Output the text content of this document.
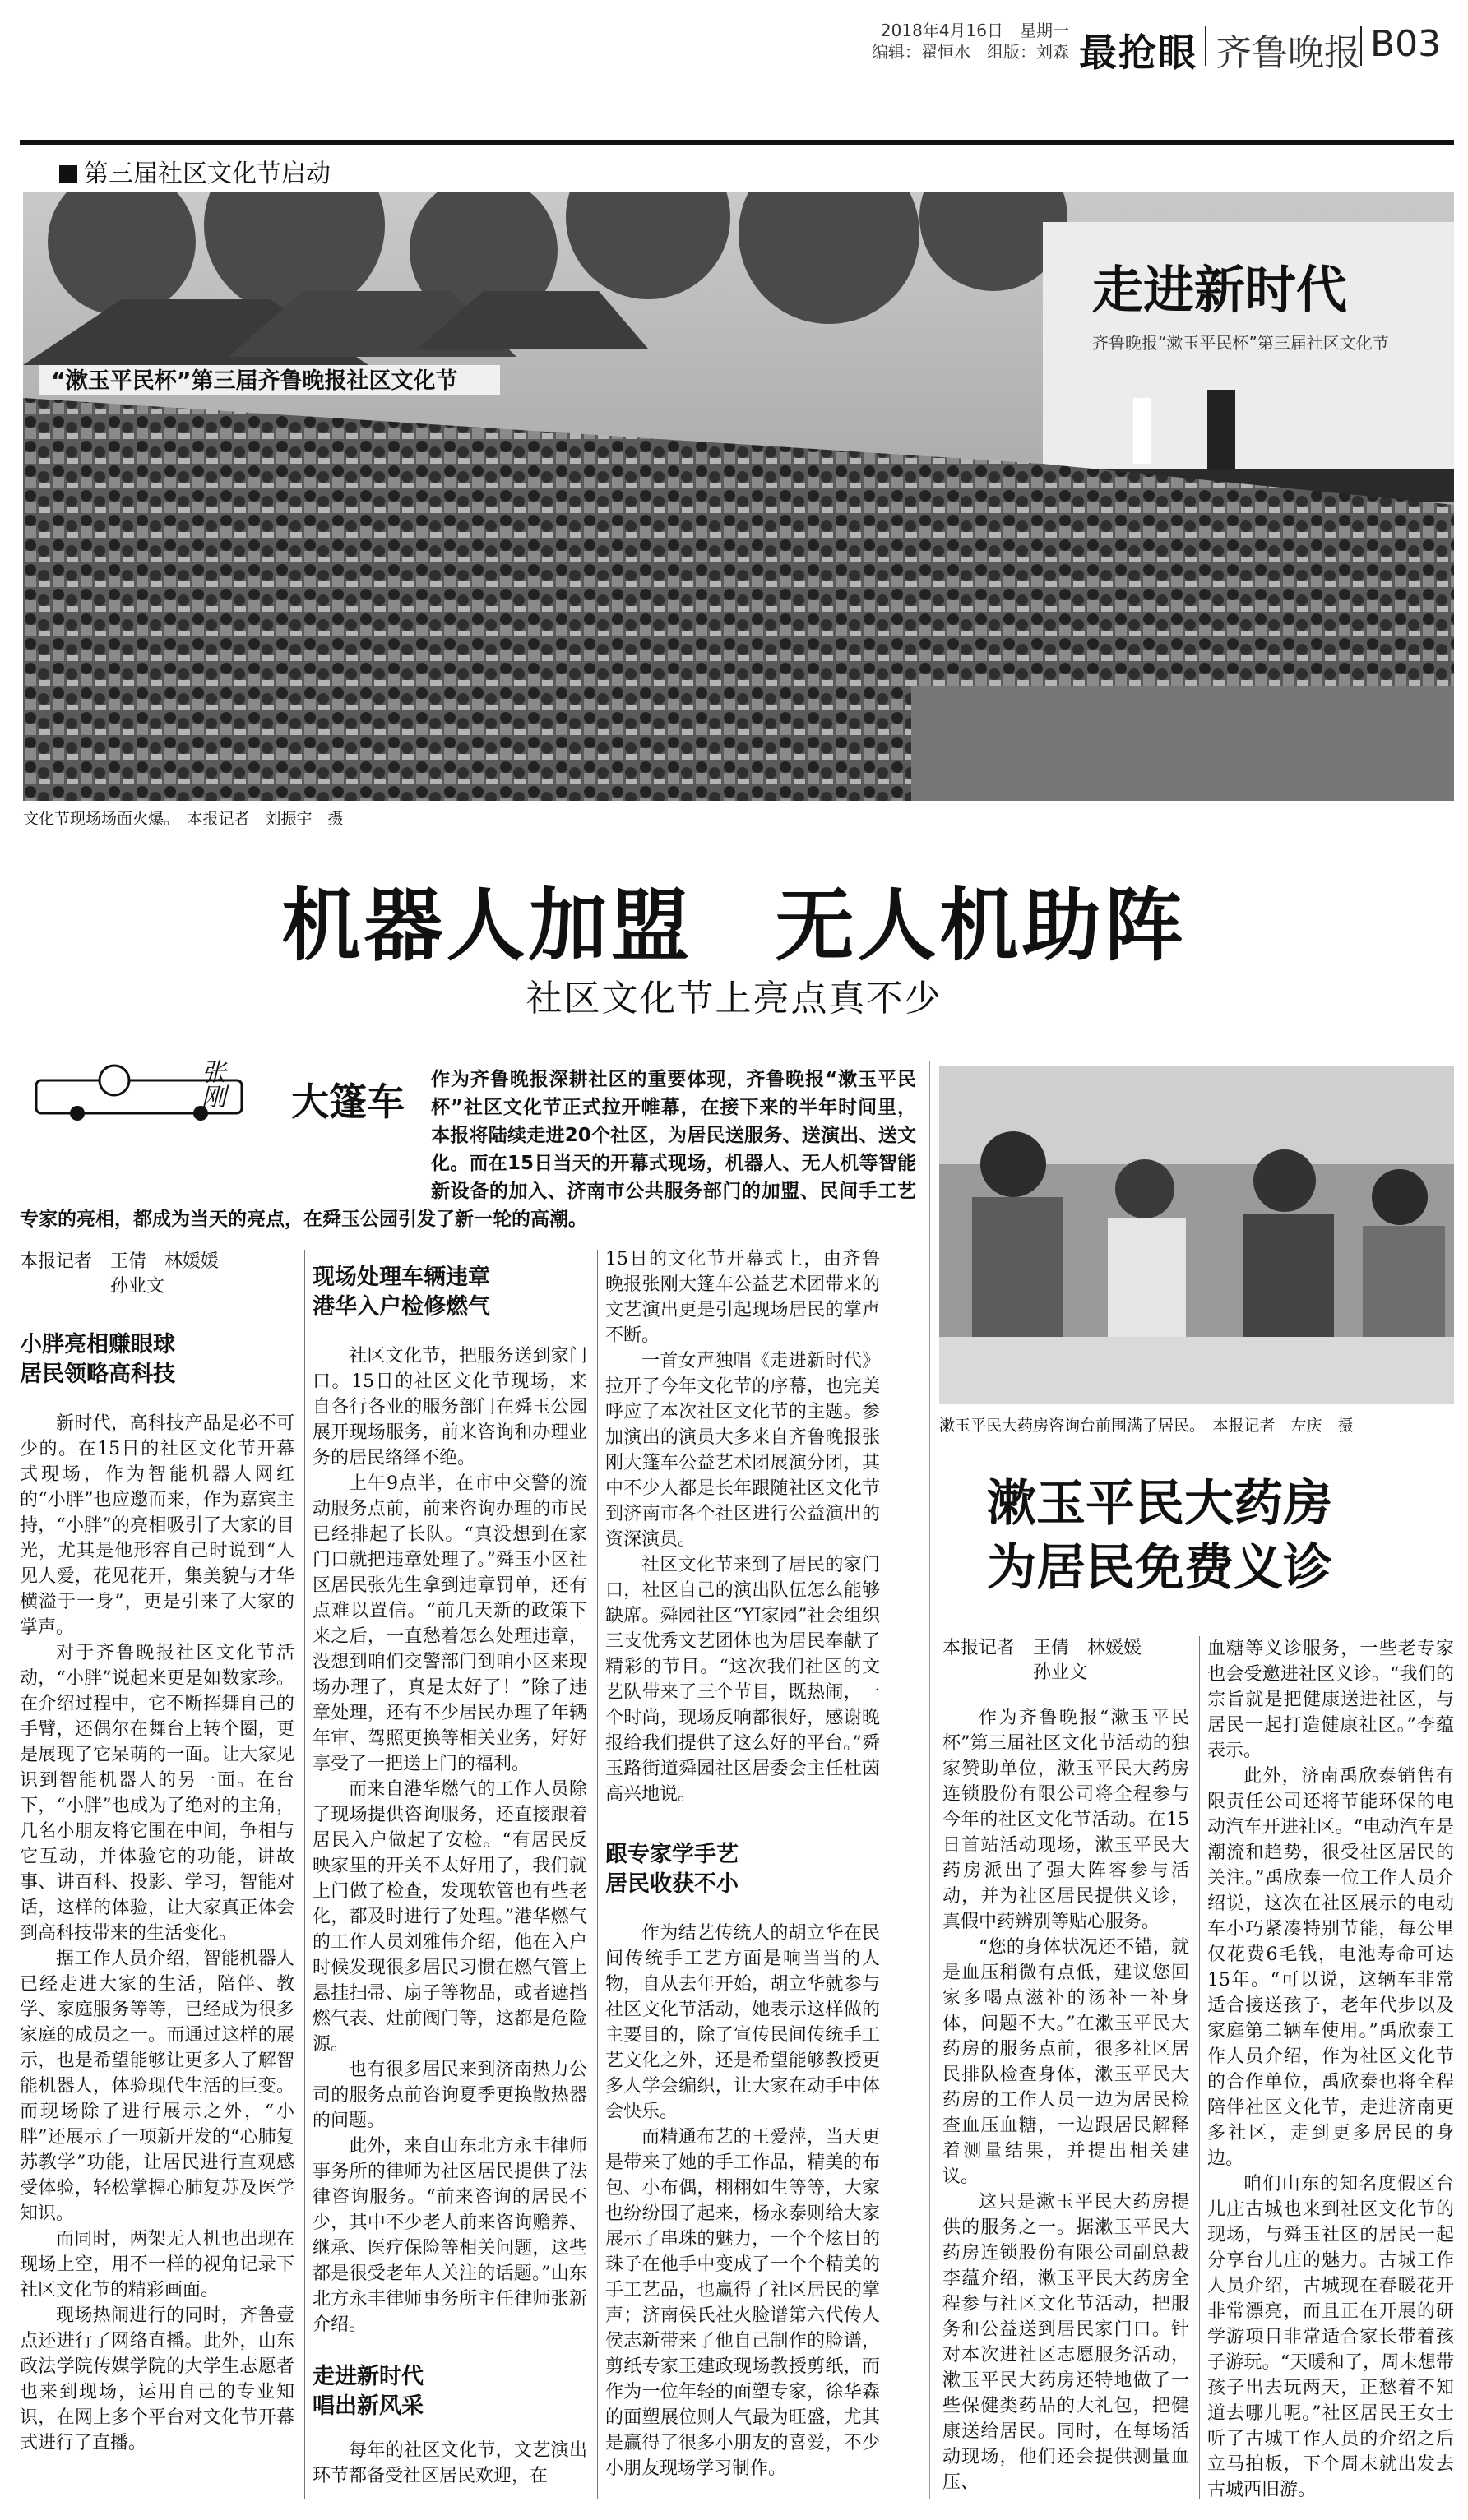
2018年4月16日　星期一
编辑：翟恒水　组版：刘森 最抢眼 齐鲁晚报 B03
第三届社区文化节启动
“漱玉平民杯”第三届齐鲁晚报社区文化节
走进新时代
齐鲁晚报“漱玉平民杯”第三届社区文化节
文化节现场场面火爆。　本报记者　刘振宇　摄
机器人加盟　无人机助阵
社区文化节上亮点真不少
张刚 大篷车	作为齐鲁晚报深耕社区的重要体现，齐鲁晚报“漱玉平民杯”社区文化节正式拉开帷幕，在接下来的半年时间里，本报将陆续走进20个社区，为居民送服务、送演出、送文化。而在15日当天的开幕式现场，机器人、无人机等智能新设备的加入、济南市公共服务部门的加盟、民间手工艺专家的亮相，都成为当天的亮点，在舜玉公园引发了新一轮的高潮。
本报记者　王倩　林媛媛
孙业文
小胖亮相赚眼球
居民领略高科技

新时代，高科技产品是必不可少的。在15日的社区文化节开幕式现场，作为智能机器人网红的“小胖”也应邀而来，作为嘉宾主持，“小胖”的亮相吸引了大家的目光，尤其是他形容自己时说到“人见人爱，花见花开，集美貌与才华横溢于一身”，更是引来了大家的掌声。

对于齐鲁晚报社区文化节活动，“小胖”说起来更是如数家珍。在介绍过程中，它不断挥舞自己的手臂，还偶尔在舞台上转个圈，更是展现了它呆萌的一面。让大家见识到智能机器人的另一面。在台下，“小胖”也成为了绝对的主角，几名小朋友将它围在中间，争相与它互动，并体验它的功能，讲故事、讲百科、投影、学习，智能对话，这样的体验，让大家真正体会到高科技带来的生活变化。

据工作人员介绍，智能机器人已经走进大家的生活，陪伴、教学、家庭服务等等，已经成为很多家庭的成员之一。而通过这样的展示，也是希望能够让更多人了解智能机器人，体验现代生活的巨变。而现场除了进行展示之外，“小胖”还展示了一项新开发的“心肺复苏教学”功能，让居民进行直观感受体验，轻松掌握心肺复苏及医学知识。

而同时，两架无人机也出现在现场上空，用不一样的视角记录下社区文化节的精彩画面。

现场热闹进行的同时，齐鲁壹点还进行了网络直播。此外，山东政法学院传媒学院的大学生志愿者也来到现场，运用自己的专业知识，在网上多个平台对文化节开幕式进行了直播。

现场处理车辆违章
港华入户检修燃气

社区文化节，把服务送到家门口。15日的社区文化节现场，来自各行各业的服务部门在舜玉公园展开现场服务，前来咨询和办理业务的居民络绎不绝。

上午9点半，在市中交警的流动服务点前，前来咨询办理的市民已经排起了长队。“真没想到在家门口就把违章处理了。”舜玉小区社区居民张先生拿到违章罚单，还有点难以置信。“前几天新的政策下来之后，一直愁着怎么处理违章，没想到咱们交警部门到咱小区来现场办理了，真是太好了！”除了违章处理，还有不少居民办理了年辆年审、驾照更换等相关业务，好好享受了一把送上门的福利。

而来自港华燃气的工作人员除了现场提供咨询服务，还直接跟着居民入户做起了安检。“有居民反映家里的开关不太好用了，我们就上门做了检查，发现软管也有些老化，都及时进行了处理。”港华燃气的工作人员刘雅伟介绍，他在入户时候发现很多居民习惯在燃气管上悬挂扫帚、扇子等物品，或者遮挡燃气表、灶前阀门等，这都是危险源。

也有很多居民来到济南热力公司的服务点前咨询夏季更换散热器的问题。

此外，来自山东北方永丰律师事务所的律师为社区居民提供了法律咨询服务。“前来咨询的居民不少，其中不少老人前来咨询赡养、继承、医疗保险等相关问题，这些都是很受老年人关注的话题。”山东北方永丰律师事务所主任律师张新介绍。

走进新时代
唱出新风采

每年的社区文化节，文艺演出环节都备受社区居民欢迎，在

15日的文化节开幕式上，由齐鲁晚报张刚大篷车公益艺术团带来的文艺演出更是引起现场居民的掌声不断。

一首女声独唱《走进新时代》拉开了今年文化节的序幕，也完美呼应了本次社区文化节的主题。参加演出的演员大多来自齐鲁晚报张刚大篷车公益艺术团展演分团，其中不少人都是长年跟随社区文化节到济南市各个社区进行公益演出的资深演员。

社区文化节来到了居民的家门口，社区自己的演出队伍怎么能够缺席。舜园社区“YI家园”社会组织三支优秀文艺团体也为居民奉献了精彩的节目。“这次我们社区的文艺队带来了三个节目，既热闹，一个时尚，现场反响都很好，感谢晚报给我们提供了这么好的平台。”舜玉路街道舜园社区居委会主任杜茵高兴地说。

跟专家学手艺
居民收获不小

作为结艺传统人的胡立华在民间传统手工艺方面是响当当的人物，自从去年开始，胡立华就参与社区文化节活动，她表示这样做的主要目的，除了宣传民间传统手工艺文化之外，还是希望能够教授更多人学会编织，让大家在动手中体会快乐。

而精通布艺的王爱萍，当天更是带来了她的手工作品，精美的布包、小布偶，栩栩如生等等，大家也纷纷围了起来，杨永泰则给大家展示了串珠的魅力，一个个炫目的珠子在他手中变成了一个个精美的手工艺品，也赢得了社区居民的掌声；济南侯氏社火脸谱第六代传人侯志新带来了他自己制作的脸谱，剪纸专家王建政现场教授剪纸，而作为一位年轻的面塑专家，徐华森的面塑展位则人气最为旺盛，尤其是赢得了很多小朋友的喜爱，不少小朋友现场学习制作。

漱玉平民大药房咨询台前围满了居民。　本报记者　左庆　摄
漱玉平民大药房
为居民免费义诊
本报记者　王倩　林媛媛
孙业文

作为齐鲁晚报“漱玉平民杯”第三届社区文化节活动的独家赞助单位，漱玉平民大药房连锁股份有限公司将全程参与今年的社区文化节活动。在15日首站活动现场，漱玉平民大药房派出了强大阵容参与活动，并为社区居民提供义诊，真假中药辨别等贴心服务。

“您的身体状况还不错，就是血压稍微有点低，建议您回家多喝点滋补的汤补一补身体，问题不大。”在漱玉平民大药房的服务点前，很多社区居民排队检查身体，漱玉平民大药房的工作人员一边为居民检查血压血糖，一边跟居民解释着测量结果，并提出相关建议。

这只是漱玉平民大药房提供的服务之一。据漱玉平民大药房连锁股份有限公司副总裁李蕴介绍，漱玉平民大药房全程参与社区文化节活动，把服务和公益送到居民家门口。针对本次进社区志愿服务活动，漱玉平民大药房还特地做了一些保健类药品的大礼包，把健康送给居民。同时，在每场活动现场，他们还会提供测量血压、

血糖等义诊服务，一些老专家也会受邀进社区义诊。“我们的宗旨就是把健康送进社区，与居民一起打造健康社区。”李蕴表示。

此外，济南禹欣泰销售有限责任公司还将节能环保的电动汽车开进社区。“电动汽车是潮流和趋势，很受社区居民的关注。”禹欣泰一位工作人员介绍说，这次在社区展示的电动车小巧紧凑特别节能，每公里仅花费6毛钱，电池寿命可达15年。“可以说，这辆车非常适合接送孩子，老年代步以及家庭第二辆车使用。”禹欣泰工作人员介绍，作为社区文化节的合作单位，禹欣泰也将全程陪伴社区文化节，走进济南更多社区，走到更多居民的身边。

咱们山东的知名度假区台儿庄古城也来到社区文化节的现场，与舜玉社区的居民一起分享台儿庄的魅力。古城工作人员介绍，古城现在春暖花开非常漂亮，而且正在开展的研学游项目非常适合家长带着孩子游玩。“天暖和了，周末想带孩子出去玩两天，正愁着不知道去哪儿呢。”社区居民王女士听了古城工作人员的介绍之后立马拍板，下个周末就出发去古城西旧游。
